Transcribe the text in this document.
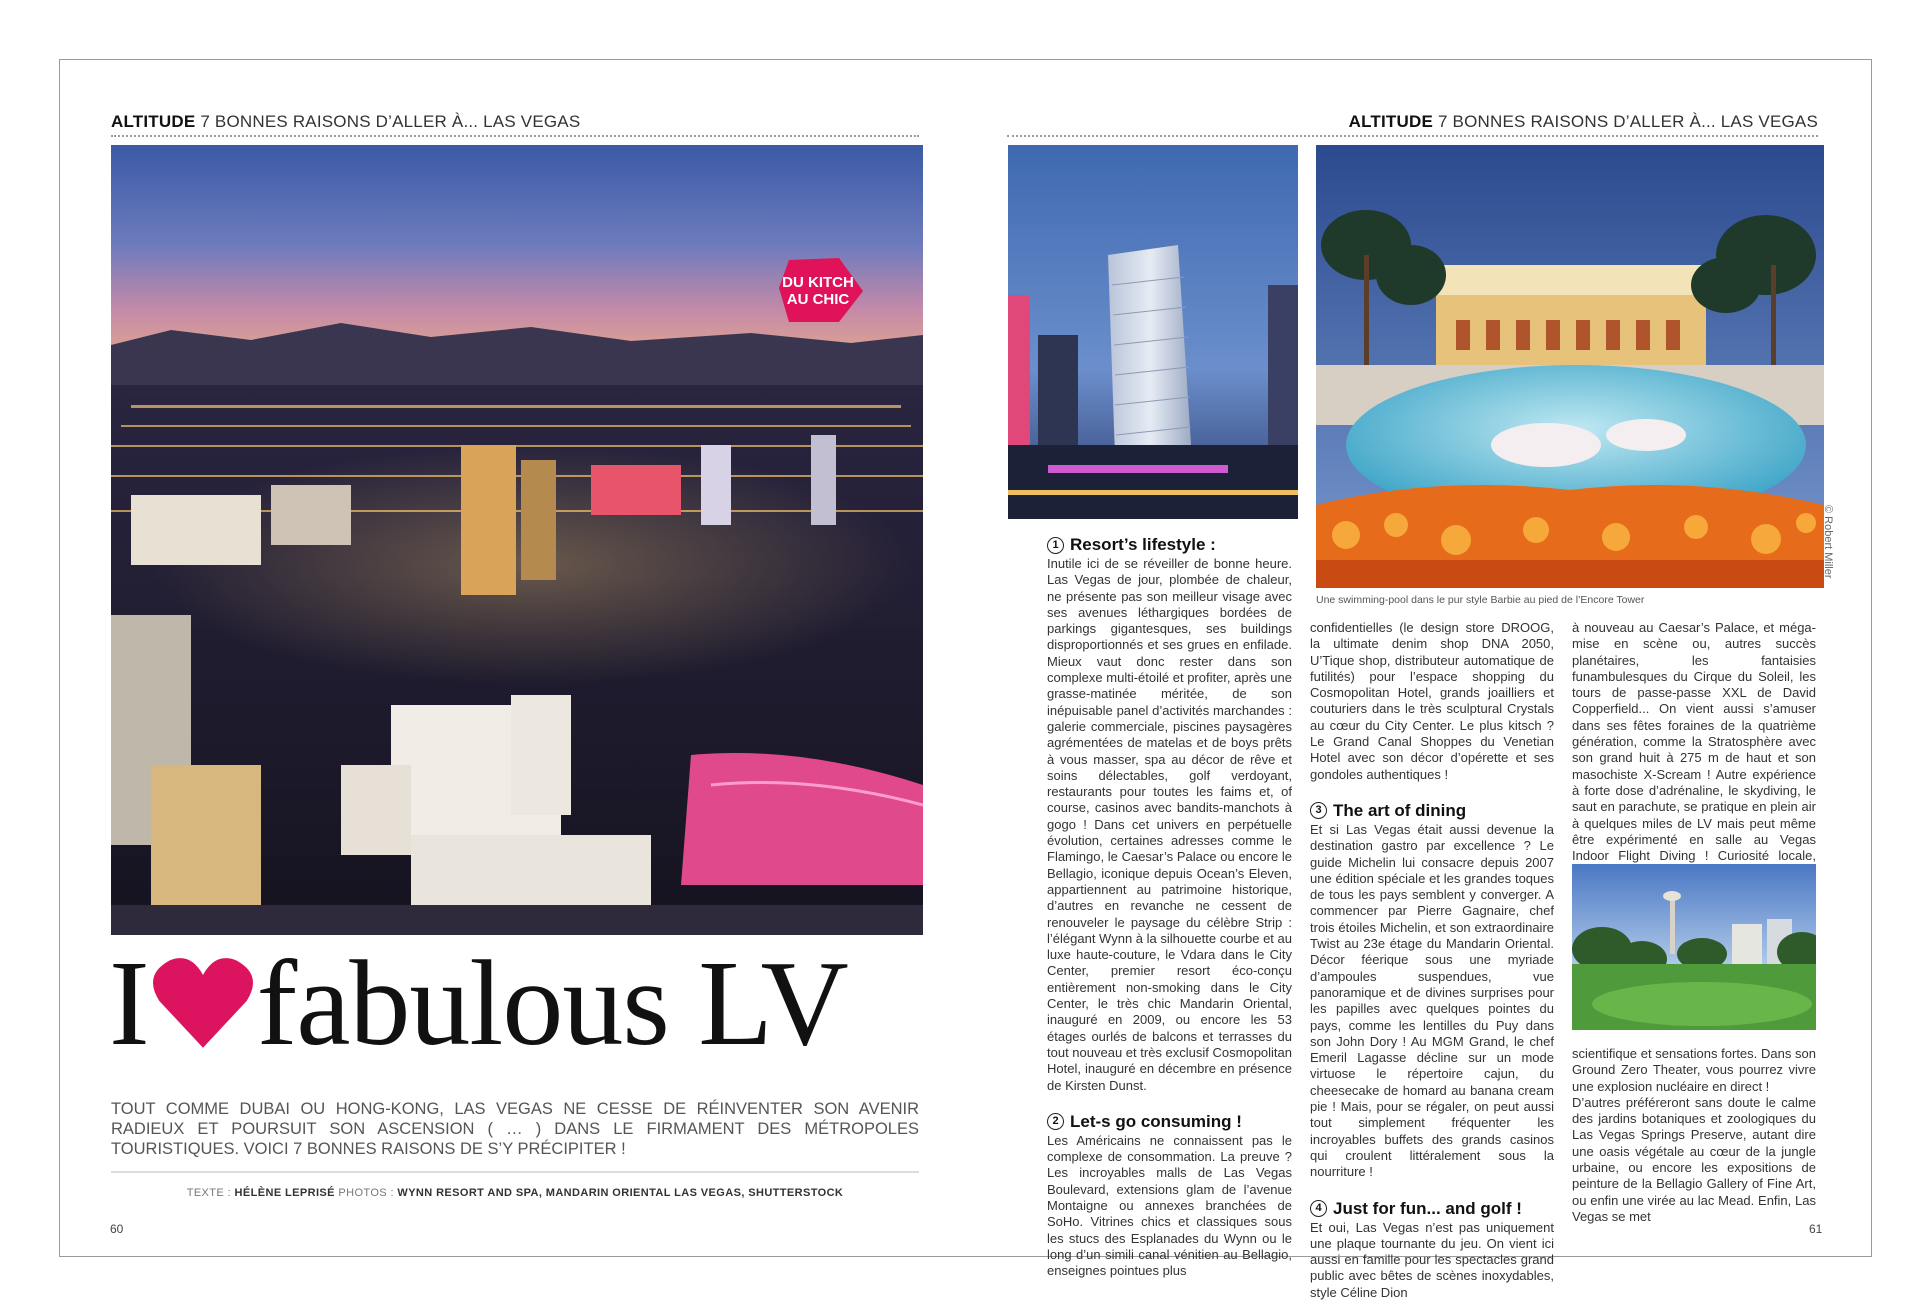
ALTITUDE 7 BONNES RAISONS D’ALLER À... LAS VEGAS	ALTITUDE 7 BONNES RAISONS D’ALLER À... LAS VEGAS
DU KITCH
AU CHIC
I fabulous LV
TOUT COMME DUBAI OU HONG-KONG, LAS VEGAS NE CESSE DE RÉINVENTER SON AVENIR RADIEUX ET POURSUIT SON ASCENSION ( … ) DANS LE FIRMAMENT DES MÉTROPOLES TOURISTIQUES. VOICI 7 BONNES RAISONS DE S’Y PRÉCIPITER !
TEXTE : HÉLÈNE LEPRISÉ PHOTOS : WYNN RESORT AND SPA, MANDARIN ORIENTAL LAS VEGAS, SHUTTERSTOCK
60	61
© Robert Miller
Une swimming-pool dans le pur style Barbie au pied de l’Encore Tower
1 Resort’s lifestyle :

Inutile ici de se réveiller de bonne heure. Las Vegas de jour, plombée de chaleur, ne présente pas son meilleur visage avec ses avenues léthargiques bordées de parkings gigantesques, ses buildings disproportionnés et ses grues en enfilade. Mieux vaut donc rester dans son complexe multi-étoilé et profiter, après une grasse-matinée méritée, de son inépuisable panel d’activités marchandes : galerie commerciale, piscines paysagères agrémentées de matelas et de boys prêts à vous masser, spa au décor de rêve et soins délectables, golf verdoyant, restaurants pour toutes les faims et, of course, casinos avec bandits-manchots à gogo ! Dans cet univers en perpétuelle évolution, certaines adresses comme le Flamingo, le Caesar’s Palace ou encore le Bellagio, iconique depuis Ocean’s Eleven, appartiennent au patrimoine historique, d’autres en revanche ne cessent de renouveler le paysage du célèbre Strip : l’élégant Wynn à la silhouette courbe et au luxe haute-couture, le Vdara dans le City Center, premier resort éco-conçu entièrement non-smoking dans le City Center, le très chic Mandarin Oriental, inauguré en 2009, ou encore les 53 étages ourlés de balcons et terrasses du tout nouveau et très exclusif Cosmopolitan Hotel, inauguré en décembre en présence de Kirsten Dunst.

2 Let-s go consuming !

Les Américains ne connaissent pas le complexe de consommation. La preuve ? Les incroyables malls de Las Vegas Boulevard, extensions glam de l’avenue Montaigne ou annexes branchées de SoHo. Vitrines chics et classiques sous les stucs des Esplanades du Wynn ou le long d’un simili canal vénitien au Bellagio, enseignes pointues plus

confidentielles (le design store DROOG, la ultimate denim shop DNA 2050, U’Tique shop, distributeur automatique de futilités) pour l’espace shopping du Cosmopolitan Hotel, grands joailliers et couturiers dans le très sculptural Crystals au cœur du City Center. Le plus kitsch ? Le Grand Canal Shoppes du Venetian Hotel avec son décor d’opérette et ses gondoles authentiques !

3 The art of dining

Et si Las Vegas était aussi devenue la destination gastro par excellence ? Le guide Michelin lui consacre depuis 2007 une édition spéciale et les grandes toques de tous les pays semblent y converger. A commencer par Pierre Gagnaire, chef trois étoiles Michelin, et son extraordinaire Twist au 23e étage du Mandarin Oriental. Décor féerique sous une myriade d’ampoules suspendues, vue panoramique et de divines surprises pour les papilles avec quelques pointes du pays, comme les lentilles du Puy dans son John Dory ! Au MGM Grand, le chef Emeril Lagasse décline sur un mode virtuose le répertoire cajun, du cheesecake de homard au banana cream pie ! Mais, pour se régaler, on peut aussi tout simplement fréquenter les incroyables buffets des grands casinos qui croulent littéralement sous la nourriture !

4 Just for fun... and golf !

Et oui, Las Vegas n’est pas uniquement une plaque tournante du jeu. On vient ici aussi en famille pour les spectacles grand public avec bêtes de scènes inoxydables, style Céline Dion

à nouveau au Caesar’s Palace, et méga-mise en scène ou, autres succès planétaires, les fantaisies funambulesques du Cirque du Soleil, les tours de passe-passe XXL de David Copperfield... On vient aussi s’amuser dans ses fêtes foraines de la quatrième génération, comme la Stratosphère avec son grand huit à 275 m de haut et son masochiste X-Scream ! Autre expérience à forte dose d’adrénaline, le skydiving, le saut en parachute, se pratique en plein air à quelques miles de LV mais peut même être expérimenté en salle au Vegas Indoor Flight Diving ! Curiosité locale,

scientifique et sensations fortes. Dans son Ground Zero Theater, vous pourrez vivre une explosion nucléaire en direct !

D’autres préféreront sans doute le calme des jardins botaniques et zoologiques du Las Vegas Springs Preserve, autant dire une oasis végétale au cœur de la jungle urbaine, ou encore les expositions de peinture de la Bellagio Gallery of Fine Art, ou enfin une virée au lac Mead. Enfin, Las Vegas se met
